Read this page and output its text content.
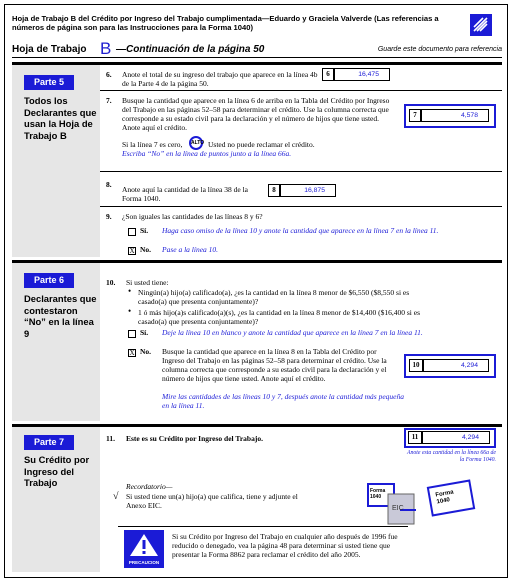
Hoja de Trabajo B del Crédito por Ingreso del Trabajo cumplimentada—Eduardo y Graciela Valverde (Las referencias a números de página son para las Instrucciones para la Forma 1040)
Hoja de Trabajo B —Continuación de la página 50	Guarde este documento para referencia
Parte 5
Todos los Declarantes que usan la Hoja de Trabajo B
6. Anote el total de su ingreso del trabajo que aparece en la línea 4b de la Parte 4 de la página 50.
6	16,475
7. Busque la cantidad que aparece en la línea 6 de arriba en la Tabla del Crédito por Ingreso del Trabajo en las páginas 52–58 para determinar el crédito. Use la columna correcta que corresponde a su estado civil para la declaración y el número de hijos que tiene usted. Anote aquí el crédito.
7	4,578
Si la línea 7 es cero,	ALTO Usted no puede reclamar el crédito.
Escriba “No” en la línea de puntos junto a la línea 66a.
8.
Anote aquí la cantidad de la línea 38 de la Forma 1040.
8	16,875
9. ¿Son iguales las cantidades de las líneas 8 y 6?
Sí. Haga caso omiso de la línea 10 y anote la cantidad que aparece en la línea 7 en la línea 11.
X No. Pase a la línea 10.
Parte 6
Declarantes que contestaron “No” en la línea 9
10. Si usted tiene:
• Ningún(a) hijo(a) calificado(a), ¿es la cantidad en la línea 8 menor de $6,550 ($8,550 si es casado(a) que presenta conjuntamente)?
• 1 ó más hijo(a)s calificado(a)(s), ¿es la cantidad en la línea 8 menor de $14,400 ($16,400 si es casado(a) que presenta conjuntamente)?
Sí. Deje la línea 10 en blanco y anote la cantidad que aparece en la línea 7 en la línea 11.
X No. Busque la cantidad que aparece en la línea 8 en la Tabla del Crédito por Ingreso del Trabajo en las páginas 52–58 para determinar el crédito. Use la columna correcta que corresponde a su estado civil para la declaración y el número de hijos que tiene usted. Anote aquí el crédito.
10	4,294
Mire las cantidades de las líneas 10 y 7, después anote la cantidad más pequeña en la línea 11.
Parte 7
Su Crédito por Ingreso del Trabajo
11. Este es su Crédito por Ingreso del Trabajo.	11	4,294
Anote esta cantidad en la línea 66a de la Forma 1040.
Recordatorio—
√ Si usted tiene un(a) hijo(a) que califica, tiene y adjunte el Anexo EIC.
Forma 1040
EIC
Forma 1040
PRECAUCION
Si su Crédito por Ingreso del Trabajo en cualquier año después de 1996 fue reducido o denegado, vea la página 48 para determinar si usted tiene que presentar la Forma 8862 para reclamar el crédito del año 2005.
